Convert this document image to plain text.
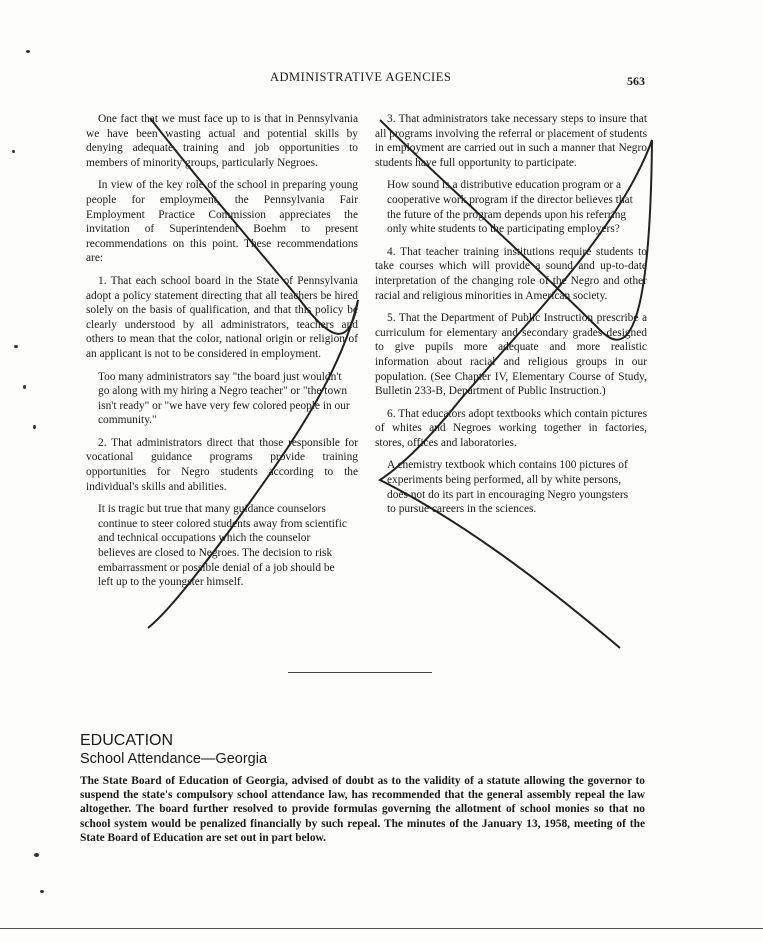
ADMINISTRATIVE AGENCIES	563

One fact that we must face up to is that in Pennsylvania we have been wasting actual and potential skills by denying adequate training and job opportunities to members of minority groups, particularly Negroes.

In view of the key role of the school in preparing young people for employment, the Pennsylvania Fair Employment Practice Commission appreciates the invitation of Superintendent Boehm to present recommendations on this point. These recommendations are:

1. That each school board in the State of Pennsylvania adopt a policy statement directing that all teachers be hired solely on the basis of qualification, and that this policy be clearly understood by all administrators, teachers and others to mean that the color, national origin or religion of an applicant is not to be considered in employment.

Too many administrators say "the board just wouldn't go along with my hiring a Negro teacher" or "the town isn't ready" or "we have very few colored people in our community."

2. That administrators direct that those responsible for vocational guidance programs provide training opportunities for Negro students according to the individual's skills and abilities.

It is tragic but true that many guidance counselors continue to steer colored students away from scientific and technical occupations which the counselor believes are closed to Negroes. The decision to risk embarrassment or possible denial of a job should be left up to the youngster himself.

3. That administrators take necessary steps to insure that all programs involving the referral or placement of students in employment are carried out in such a manner that Negro students have full opportunity to participate.

How sound is a distributive education program or a cooperative work program if the director believes that the future of the program depends upon his referring only white students to the participating employers?

4. That teacher training institutions require students to take courses which will provide a sound and up-to-date interpretation of the changing role of the Negro and other racial and religious minorities in American society.

5. That the Department of Public Instruction prescribe a curriculum for elementary and secondary grades designed to give pupils more adequate and more realistic information about racial and religious groups in our population. (See Chapter IV, Elementary Course of Study, Bulletin 233-B, Department of Public Instruction.)

6. That educators adopt textbooks which contain pictures of whites and Negroes working together in factories, stores, offices and laboratories.

A chemistry textbook which contains 100 pictures of experiments being performed, all by white persons, does not do its part in encouraging Negro youngsters to pursue careers in the sciences.

EDUCATION
School Attendance—Georgia

The State Board of Education of Georgia, advised of doubt as to the validity of a statute allowing the governor to suspend the state's compulsory school attendance law, has recommended that the general assembly repeal the law altogether. The board further resolved to provide formulas governing the allotment of school monies so that no school system would be penalized financially by such repeal. The minutes of the January 13, 1958, meeting of the State Board of Education are set out in part below.
